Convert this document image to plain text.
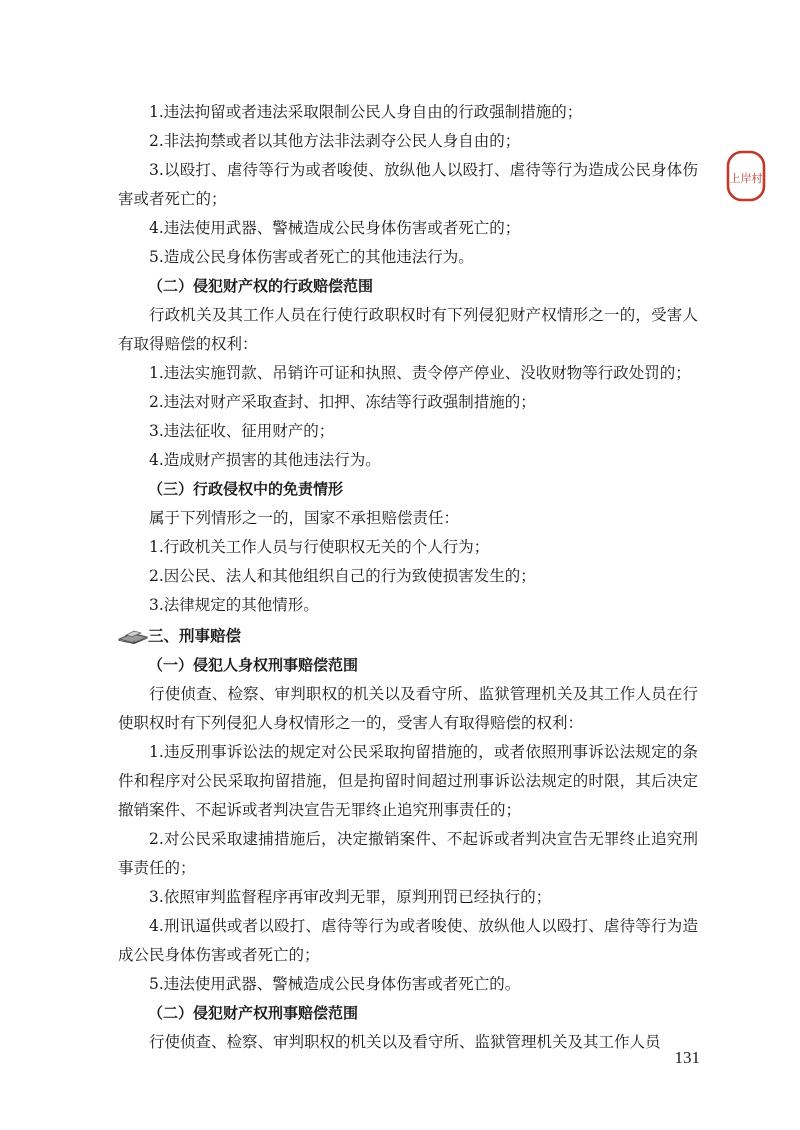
1.违法拘留或者违法采取限制公民人身自由的行政强制措施的；

2.非法拘禁或者以其他方法非法剥夺公民人身自由的；

3.以殴打、虐待等行为或者唆使、放纵他人以殴打、虐待等行为造成公民身体伤害或者死亡的；

4.违法使用武器、警械造成公民身体伤害或者死亡的；

5.造成公民身体伤害或者死亡的其他违法行为。

（二）侵犯财产权的行政赔偿范围

行政机关及其工作人员在行使行政职权时有下列侵犯财产权情形之一的，受害人有取得赔偿的权利：

1.违法实施罚款、吊销许可证和执照、责令停产停业、没收财物等行政处罚的；

2.违法对财产采取查封、扣押、冻结等行政强制措施的；

3.违法征收、征用财产的；

4.造成财产损害的其他违法行为。

（三）行政侵权中的免责情形

属于下列情形之一的，国家不承担赔偿责任：

1.行政机关工作人员与行使职权无关的个人行为；

2.因公民、法人和其他组织自己的行为致使损害发生的；

3.法律规定的其他情形。

三、刑事赔偿

（一）侵犯人身权刑事赔偿范围

行使侦查、检察、审判职权的机关以及看守所、监狱管理机关及其工作人员在行使职权时有下列侵犯人身权情形之一的，受害人有取得赔偿的权利：

1.违反刑事诉讼法的规定对公民采取拘留措施的，或者依照刑事诉讼法规定的条件和程序对公民采取拘留措施，但是拘留时间超过刑事诉讼法规定的时限，其后决定撤销案件、不起诉或者判决宣告无罪终止追究刑事责任的；

2.对公民采取逮捕措施后，决定撤销案件、不起诉或者判决宣告无罪终止追究刑事责任的；

3.依照审判监督程序再审改判无罪，原判刑罚已经执行的；

4.刑讯逼供或者以殴打、虐待等行为或者唆使、放纵他人以殴打、虐待等行为造成公民身体伤害或者死亡的；

5.违法使用武器、警械造成公民身体伤害或者死亡的。

（二）侵犯财产权刑事赔偿范围

行使侦查、检察、审判职权的机关以及看守所、监狱管理机关及其工作人员

上岸村
131
